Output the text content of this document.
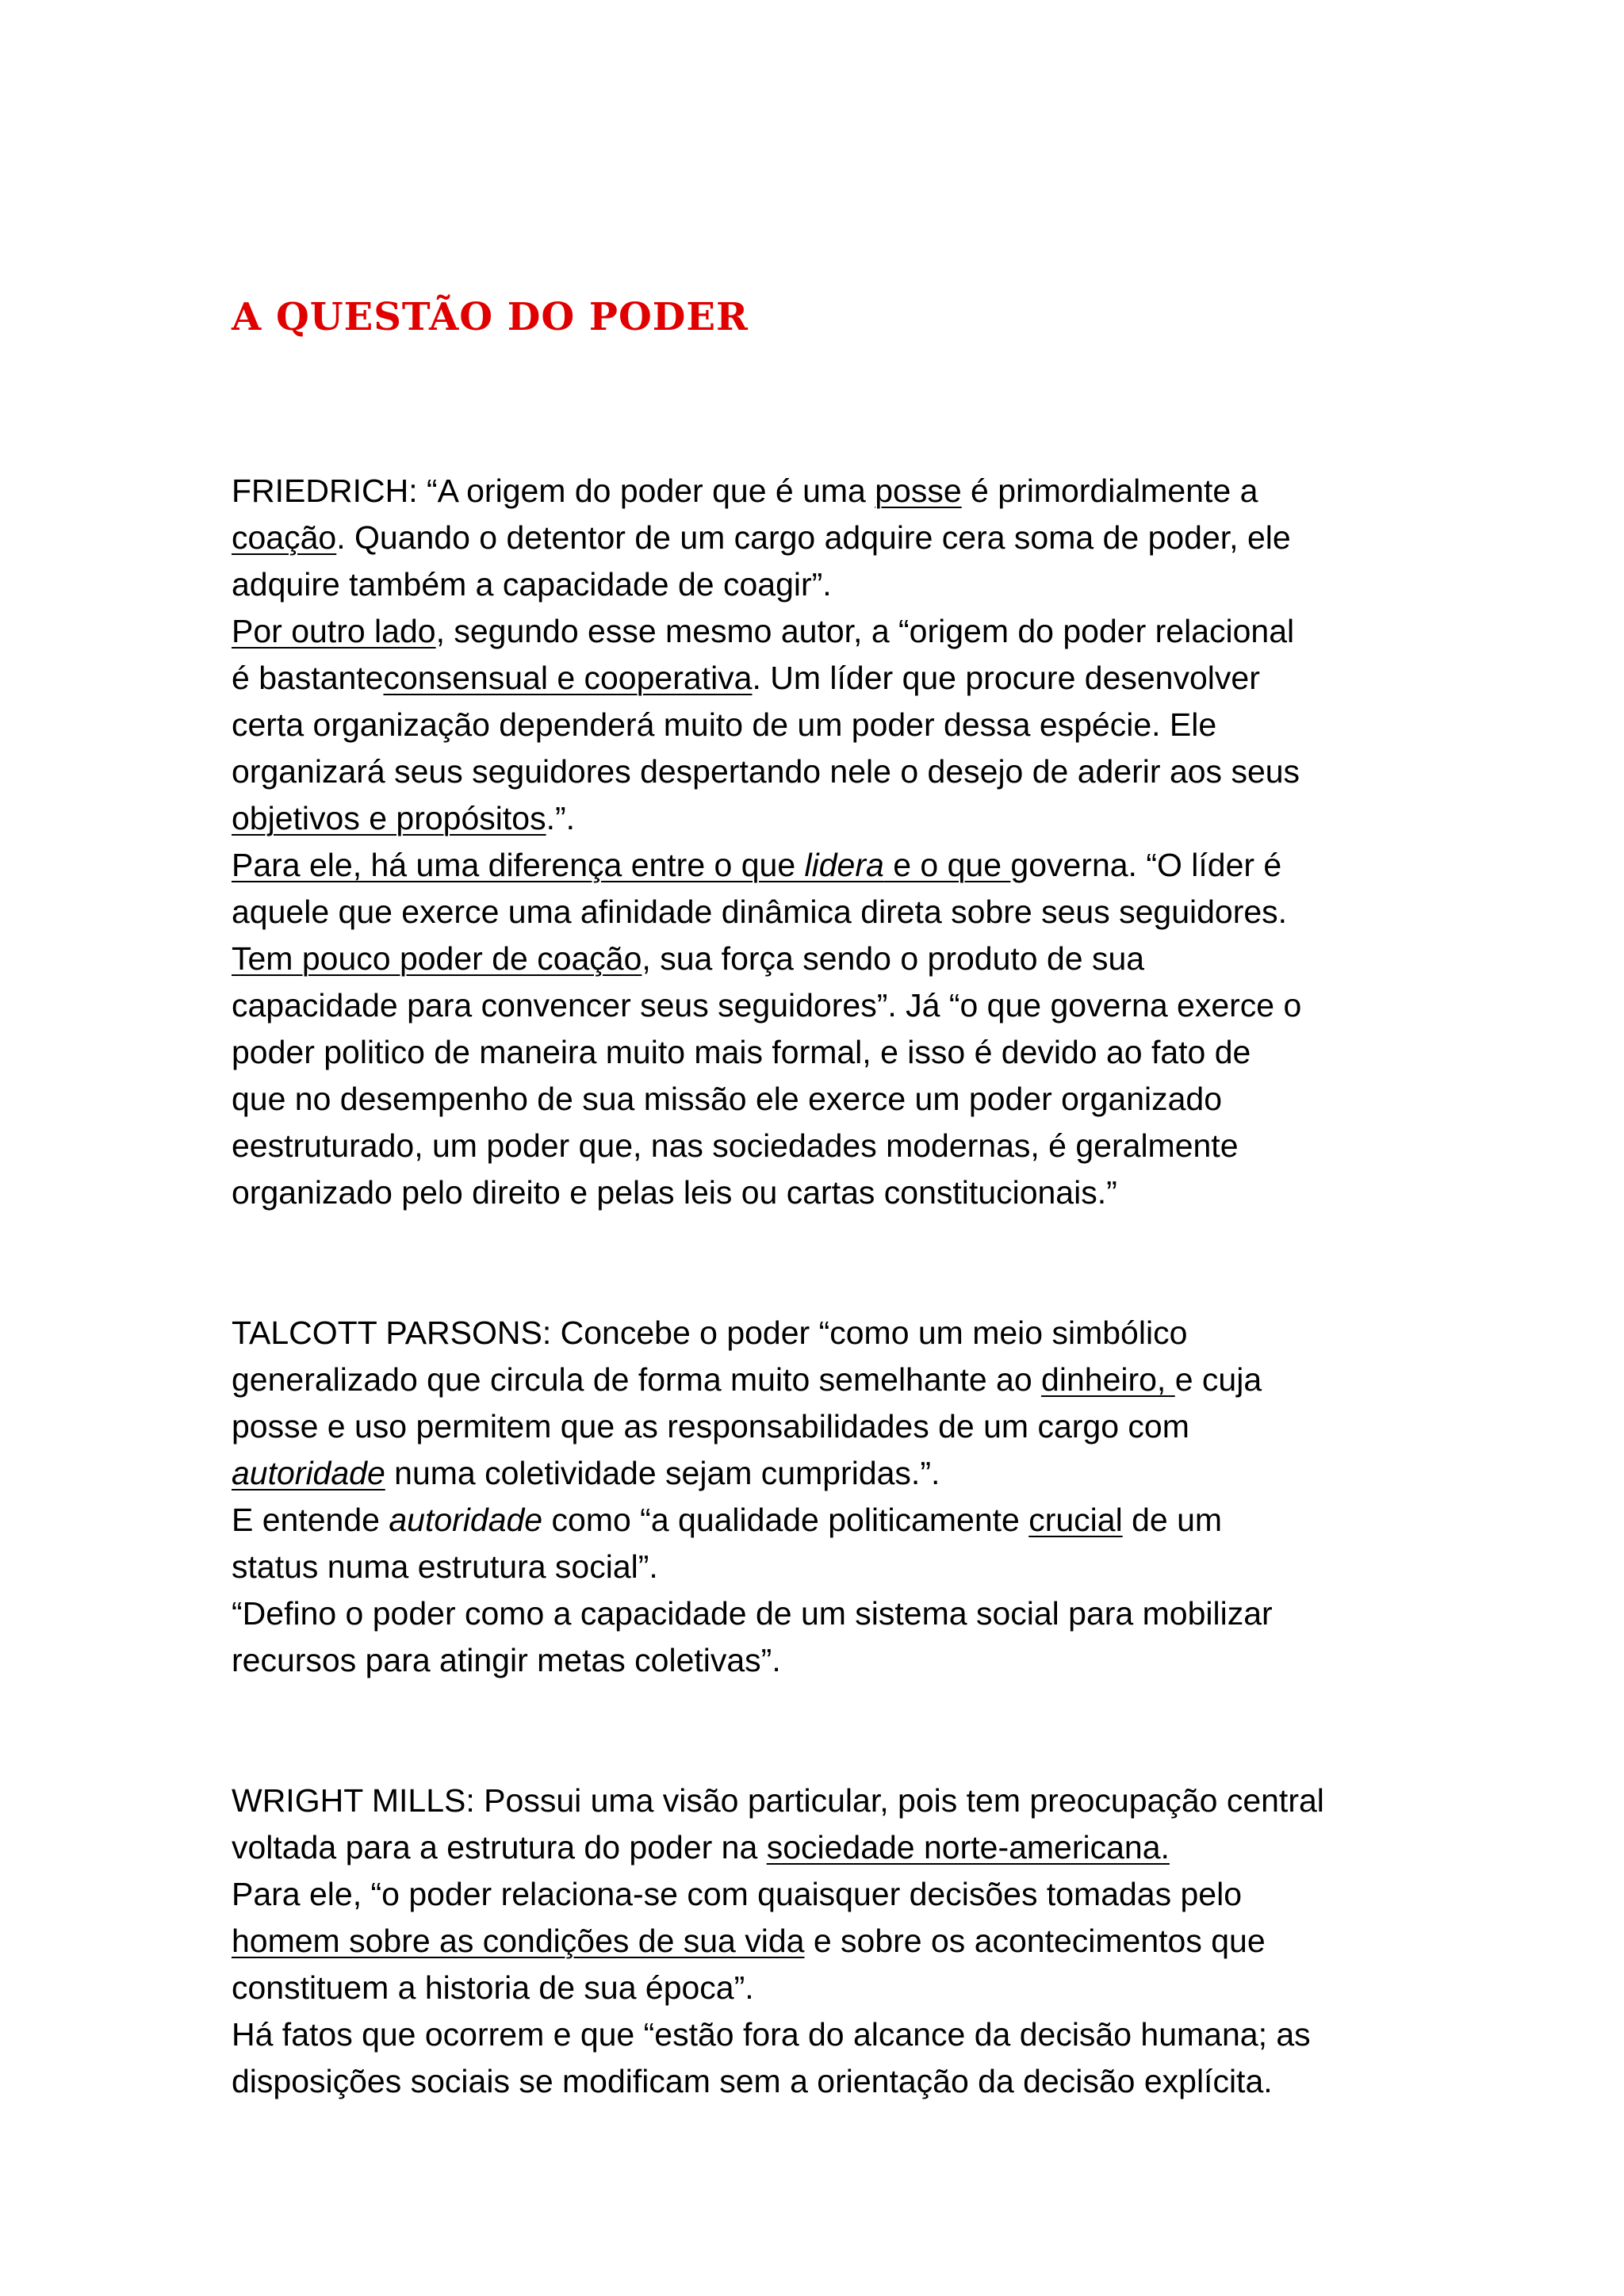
A QUESTÃO DO PODER
FRIEDRICH: “A origem do poder que é uma posse é primordialmente a
coação. Quando o detentor de um cargo adquire cera soma de poder, ele
adquire também a capacidade de coagir”.
Por outro lado, segundo esse mesmo autor, a “origem do poder relacional
é bastanteconsensual e cooperativa. Um líder que procure desenvolver
certa organização dependerá muito de um poder dessa espécie. Ele
organizará seus seguidores despertando nele o desejo de aderir aos seus
objetivos e propósitos.”.
Para ele, há uma diferença entre o que lidera e o que governa. “O líder é
aquele que exerce uma afinidade dinâmica direta sobre seus seguidores.
Tem pouco poder de coação, sua força sendo o produto de sua
capacidade para convencer seus seguidores”. Já “o que governa exerce o
poder politico de maneira muito mais formal, e isso é devido ao fato de
que no desempenho de sua missão ele exerce um poder organizado
eestruturado, um poder que, nas sociedades modernas, é geralmente
organizado pelo direito e pelas leis ou cartas constitucionais.”
TALCOTT PARSONS: Concebe o poder “como um meio simbólico
generalizado que circula de forma muito semelhante ao dinheiro, e cuja
posse e uso permitem que as responsabilidades de um cargo com
autoridade numa coletividade sejam cumpridas.”.
E entende autoridade como “a qualidade politicamente crucial de um
status numa estrutura social”.
“Defino o poder como a capacidade de um sistema social para mobilizar
recursos para atingir metas coletivas”.
WRIGHT MILLS: Possui uma visão particular, pois tem preocupação central
voltada para a estrutura do poder na sociedade norte-americana.
Para ele, “o poder relaciona-se com quaisquer decisões tomadas pelo
homem sobre as condições de sua vida e sobre os acontecimentos que
constituem a historia de sua época”.
Há fatos que ocorrem e que “estão fora do alcance da decisão humana; as
disposições sociais se modificam sem a orientação da decisão explícita.
